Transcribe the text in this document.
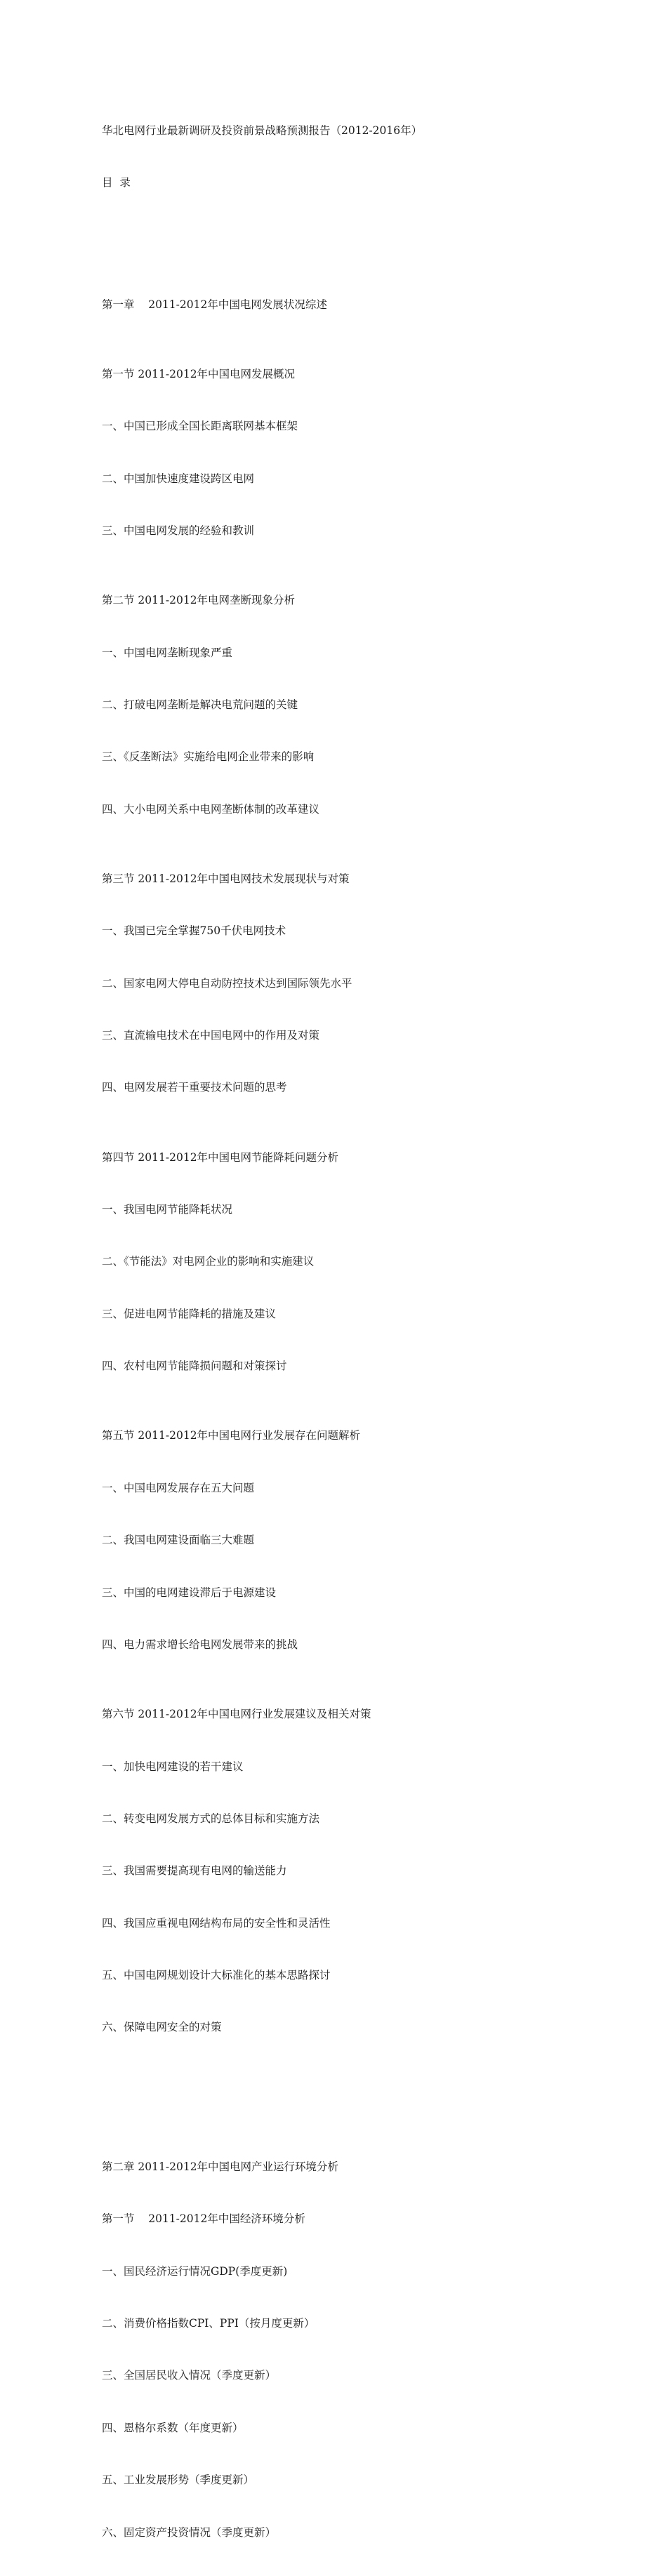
华北电网行业最新调研及投资前景战略预测报告（2012-2016年）

目  录

第一章    2011-2012年中国电网发展状况综述

第一节 2011-2012年中国电网发展概况

一、中国已形成全国长距离联网基本框架

二、中国加快速度建设跨区电网

三、中国电网发展的经验和教训

第二节 2011-2012年电网垄断现象分析

一、中国电网垄断现象严重

二、打破电网垄断是解决电荒问题的关键

三、《反垄断法》实施给电网企业带来的影响

四、大小电网关系中电网垄断体制的改革建议

第三节 2011-2012年中国电网技术发展现状与对策

一、我国已完全掌握750千伏电网技术

二、国家电网大停电自动防控技术达到国际领先水平

三、直流输电技术在中国电网中的作用及对策

四、电网发展若干重要技术问题的思考

第四节 2011-2012年中国电网节能降耗问题分析

一、我国电网节能降耗状况

二、《节能法》对电网企业的影响和实施建议

三、促进电网节能降耗的措施及建议

四、农村电网节能降损问题和对策探讨

第五节 2011-2012年中国电网行业发展存在问题解析

一、中国电网发展存在五大问题

二、我国电网建设面临三大难题

三、中国的电网建设滞后于电源建设

四、电力需求增长给电网发展带来的挑战

第六节 2011-2012年中国电网行业发展建议及相关对策

一、加快电网建设的若干建议

二、转变电网发展方式的总体目标和实施方法

三、我国需要提高现有电网的输送能力

四、我国应重视电网结构布局的安全性和灵活性

五、中国电网规划设计大标准化的基本思路探讨

六、保障电网安全的对策

第二章 2011-2012年中国电网产业运行环境分析

第一节    2011-2012年中国经济环境分析

一、国民经济运行情况GDP(季度更新)

二、消费价格指数CPI、PPI（按月度更新）

三、全国居民收入情况（季度更新）

四、恩格尔系数（年度更新）

五、工业发展形势（季度更新）

六、固定资产投资情况（季度更新）
